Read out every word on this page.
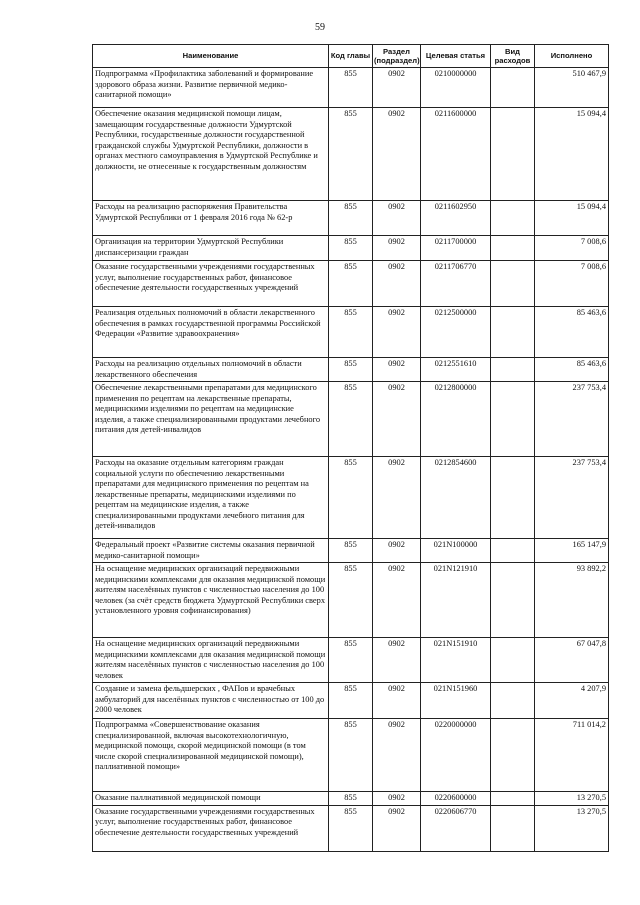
59
Наименование	Код главы	Раздел (подраздел)	Целевая статья	Вид расходов	Исполнено
Подпрограмма «Профилактика заболеваний и формирование здорового образа жизни. Развитие первичной медико-санитарной помощи»	855	0902	0210000000		510 467,9
Обеспечение оказания медицинской помощи лицам, замещающим государственные должности Удмуртской Республики, государственные должности государственной гражданской службы Удмуртской Республики, должности в органах местного самоуправления в Удмуртской Республике и должности, не отнесенные к государственным должностям	855	0902	0211600000		15 094,4
Расходы на реализацию распоряжения Правительства Удмуртской Республики от 1 февраля 2016 года № 62-р	855	0902	0211602950		15 094,4
Организация на территории Удмуртской Республики диспансеризации граждан	855	0902	0211700000		7 008,6
Оказание государственными учреждениями государственных услуг, выполнение государственных работ, финансовое обеспечение деятельности государственных учреждений	855	0902	0211706770		7 008,6
Реализация отдельных полномочий в области лекарственного обеспечения в рамках государственной программы Российской Федерации «Развитие здравоохранения»	855	0902	0212500000		85 463,6
Расходы на реализацию отдельных полномочий в области лекарственного обеспечения	855	0902	0212551610		85 463,6
Обеспечение лекарственными препаратами для медицинского применения по рецептам на лекарственные препараты, медицинскими изделиями по рецептам на медицинские изделия, а также специализированными продуктами лечебного питания для детей-инвалидов	855	0902	0212800000		237 753,4
Расходы на оказание отдельным категориям граждан социальной услуги по обеспечению лекарственными препаратами для медицинского применения по рецептам на лекарственные препараты, медицинскими изделиями по рецептам на медицинские изделия, а также специализированными продуктами лечебного питания для детей-инвалидов	855	0902	0212854600		237 753,4
Федеральный проект «Развитие системы оказания первичной медико-санитарной помощи»	855	0902	021N100000		165 147,9
На оснащение медицинских организаций передвижными медицинскими комплексами для оказания медицинской помощи жителям населённых пунктов с численностью населения до 100 человек (за счёт средств бюджета Удмуртской Республики сверх установленного уровня софинансирования)	855	0902	021N121910		93 892,2
На оснащение медицинских организаций передвижными медицинскими комплексами для оказания медицинской помощи жителям населённых пунктов с численностью населения до 100 человек	855	0902	021N151910		67 047,8
Создание и замена фельдшерских , ФАПов и врачебных амбулаторий для населённых пунктов с численностью от 100 до 2000 человек	855	0902	021N151960		4 207,9
Подпрограмма «Совершенствование оказания специализированной, включая высокотехнологичную, медицинской помощи, скорой медицинской помощи (в том числе скорой специализированной медицинской помощи), паллиативной помощи»	855	0902	0220000000		711 014,2
Оказание паллиативной медицинской помощи	855	0902	0220600000		13 270,5
Оказание государственными учреждениями государственных услуг, выполнение государственных работ, финансовое обеспечение деятельности государственных учреждений	855	0902	0220606770		13 270,5
